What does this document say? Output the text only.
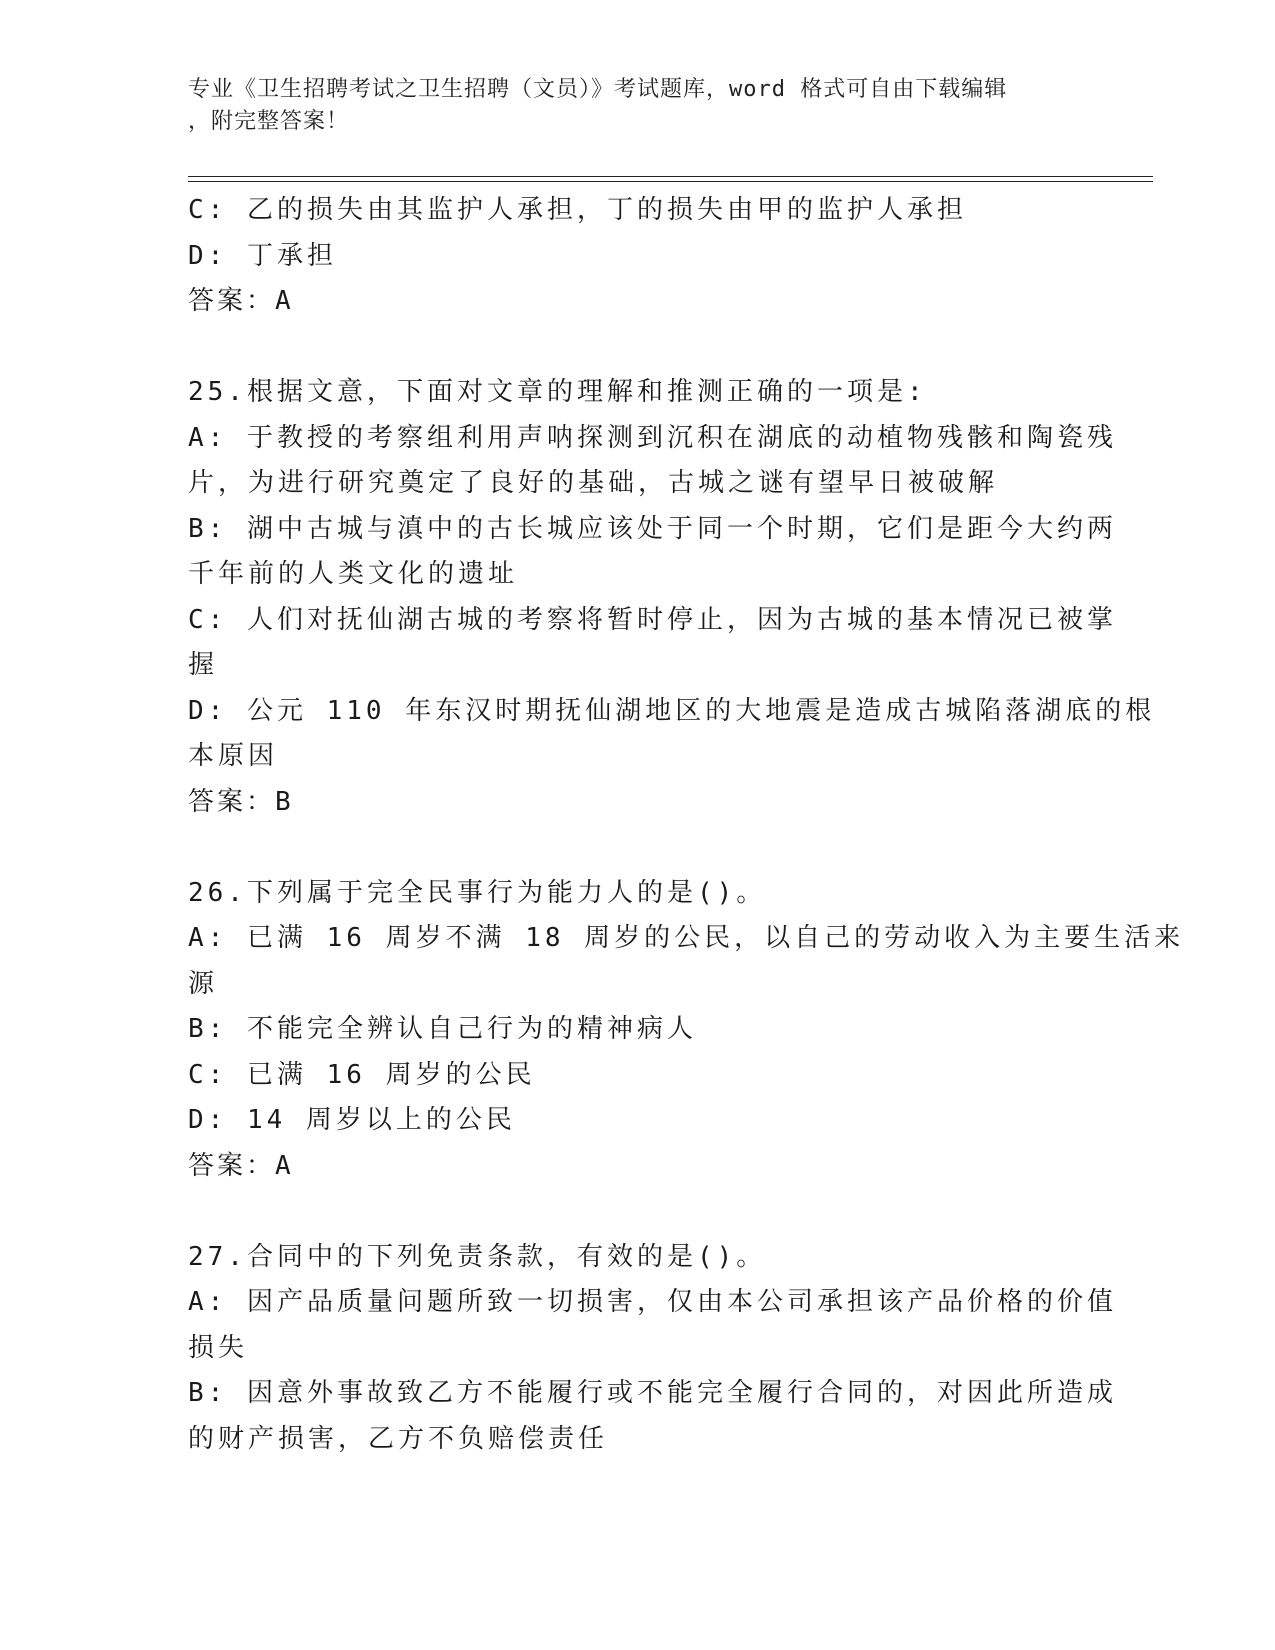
专业《卫生招聘考试之卫生招聘（文员）》考试题库，word 格式可自由下载编辑
，附完整答案！
C: 乙的损失由其监护人承担，丁的损失由甲的监护人承担
D: 丁承担
答案：A
25.根据文意，下面对文章的理解和推测正确的一项是:
A: 于教授的考察组利用声呐探测到沉积在湖底的动植物残骸和陶瓷残
片，为进行研究奠定了良好的基础，古城之谜有望早日被破解
B: 湖中古城与滇中的古长城应该处于同一个时期，它们是距今大约两
千年前的人类文化的遗址
C: 人们对抚仙湖古城的考察将暂时停止，因为古城的基本情况已被掌
握
D: 公元 110 年东汉时期抚仙湖地区的大地震是造成古城陷落湖底的根
本原因
答案：B
26.下列属于完全民事行为能力人的是()。
A: 已满 16 周岁不满 18 周岁的公民，以自己的劳动收入为主要生活来
源
B: 不能完全辨认自己行为的精神病人
C: 已满 16 周岁的公民
D: 14 周岁以上的公民
答案：A
27.合同中的下列免责条款，有效的是()。
A: 因产品质量问题所致一切损害，仅由本公司承担该产品价格的价值
损失
B: 因意外事故致乙方不能履行或不能完全履行合同的，对因此所造成
的财产损害，乙方不负赔偿责任
